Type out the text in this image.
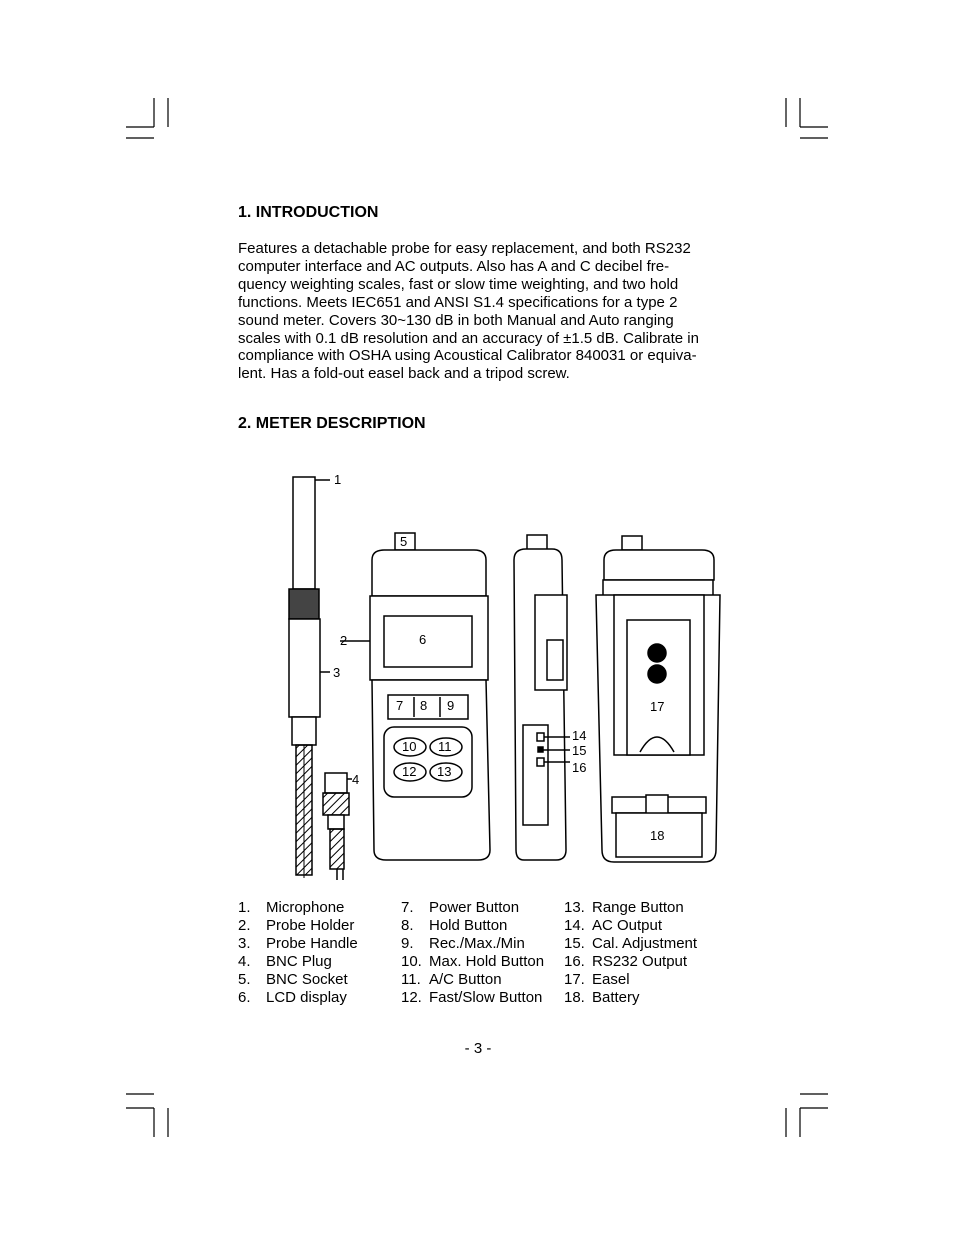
1. INTRODUCTION
Features a detachable probe for easy replacement, and both RS232
computer interface and AC outputs. Also has A and C decibel fre-
quency weighting scales, fast or slow time weighting, and two hold
functions. Meets IEC651 and ANSI S1.4 specifications for a type 2
sound meter. Covers 30~130 dB in both Manual and Auto ranging
scales with 0.1 dB resolution and an accuracy of ±1.5 dB. Calibrate in
compliance with OSHA using Acoustical Calibrator 840031 or equiva-
lent. Has a fold-out easel back and a tripod screw.
2. METER DESCRIPTION
1
2
3
4
5
6
7 8 9
10 11
12 13
14
15
16
17
18
1.	Microphone
2.	Probe Holder
3.	Probe Handle
4.	BNC Plug
5.	BNC Socket
6.	LCD display
7.	Power Button
8.	Hold Button
9.	Rec./Max./Min
10. Max. Hold Button
11. A/C Button
12. Fast/Slow Button
13. Range Button
14. AC Output
15. Cal. Adjustment
16. RS232 Output
17. Easel
18. Battery
- 3 -
